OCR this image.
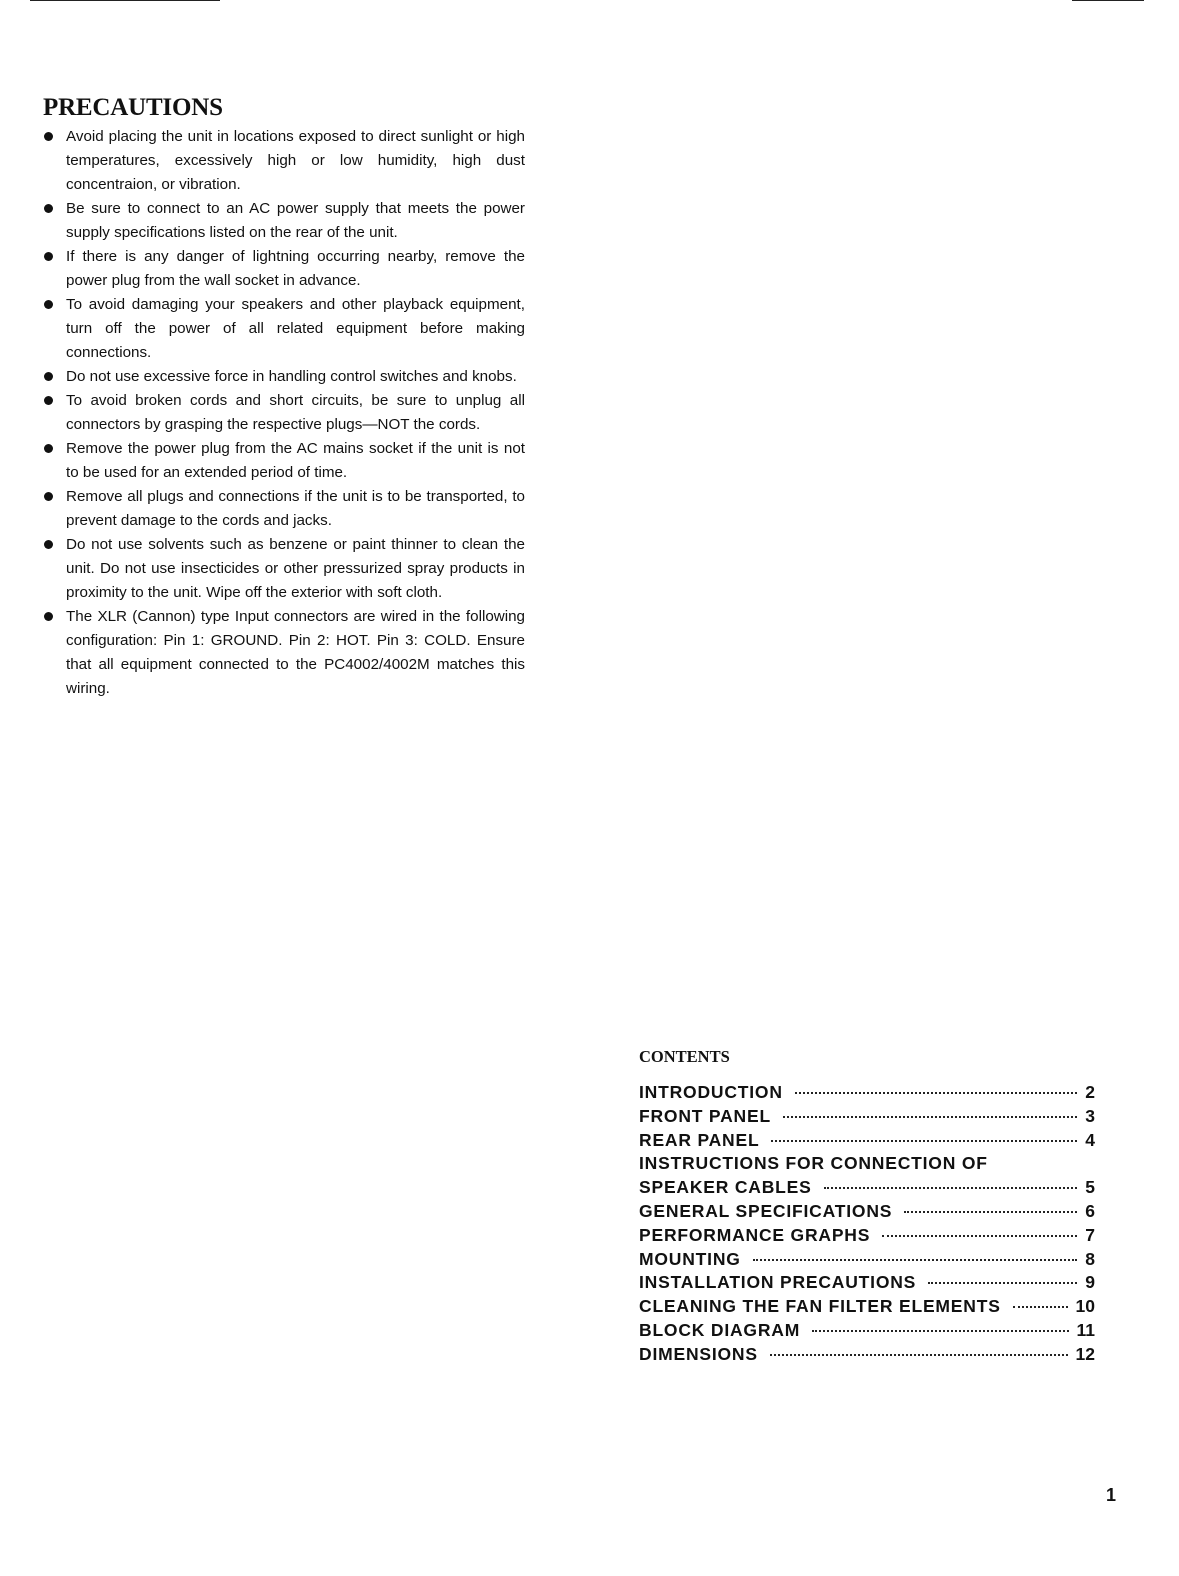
PRECAUTIONS
Avoid placing the unit in locations exposed to direct sunlight or high temperatures, excessively high or low humidity, high dust concentraion, or vibration.
Be sure to connect to an AC power supply that meets the power supply specifications listed on the rear of the unit.
If there is any danger of lightning occurring nearby, remove the power plug from the wall socket in advance.
To avoid damaging your speakers and other playback equipment, turn off the power of all related equipment before making connections.
Do not use excessive force in handling control switches and knobs.
To avoid broken cords and short circuits, be sure to unplug all connectors by grasping the respective plugs—NOT the cords.
Remove the power plug from the AC mains socket if the unit is not to be used for an extended period of time.
Remove all plugs and connections if the unit is to be transported, to prevent damage to the cords and jacks.
Do not use solvents such as benzene or paint thinner to clean the unit. Do not use insecticides or other pressurized spray products in proximity to the unit. Wipe off the exterior with soft cloth.
The XLR (Cannon) type Input connectors are wired in the following configuration: Pin 1: GROUND. Pin 2: HOT. Pin 3: COLD. Ensure that all equipment connected to the PC4002/4002M matches this wiring.
CONTENTS
INTRODUCTION	2
FRONT PANEL	3
REAR PANEL	4
INSTRUCTIONS FOR CONNECTION OF
SPEAKER CABLES	5
GENERAL SPECIFICATIONS	6
PERFORMANCE GRAPHS	7
MOUNTING	8
INSTALLATION PRECAUTIONS	9
CLEANING THE FAN FILTER ELEMENTS	10
BLOCK DIAGRAM	11
DIMENSIONS	12
1
